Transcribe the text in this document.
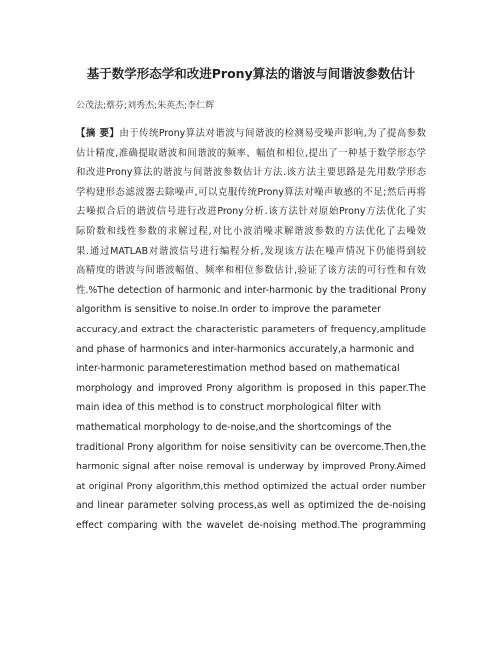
基于数学形态学和改进Prony算法的谐波与间谐波参数估计
公茂法;蔡芬;刘秀杰;朱英杰;李仁辉
【摘 要】由于传统Prony算法对谐波与间谐波的检测易受噪声影响,为了提高参数
估计精度,准确提取谐波和间谐波的频率、幅值和相位,提出了一种基于数学形态学
和改进Prony算法的谐波与间谐波参数估计方法.该方法主要思路是先用数学形态
学构建形态滤波器去除噪声,可以克服传统Prony算法对噪声敏感的不足;然后再将
去噪拟合后的谐波信号进行改进Prony分析.该方法针对原始Prony方法优化了实
际阶数和线性参数的求解过程,对比小波消噪求解谐波参数的方法优化了去噪效
果.通过MATLAB对谐波信号进行编程分析,发现该方法在噪声情况下仍能得到较
高精度的谐波与间谐波幅值、频率和相位参数估计,验证了该方法的可行性和有效
性.%The detection of harmonic and inter-harmonic by the traditional Prony
algorithm is sensitive to noise.In order to improve the parameter
accuracy,and extract the characteristic parameters of frequency,amplitude
and phase of harmonics and inter-harmonics accurately,a harmonic and
inter-harmonic parameterestimation method based on mathematical
morphology and improved Prony algorithm is proposed in this paper.The
main idea of this method is to construct morphological filter with
mathematical morphology to de-noise,and the shortcomings of the
traditional Prony algorithm for noise sensitivity can be overcome.Then,the
harmonic signal after noise removal is underway by improved Prony.Aimed
at original Prony algorithm,this method optimized the actual order number
and linear parameter solving process,as well as optimized the de-noising
effect comparing with the wavelet de-noising method.The programming
